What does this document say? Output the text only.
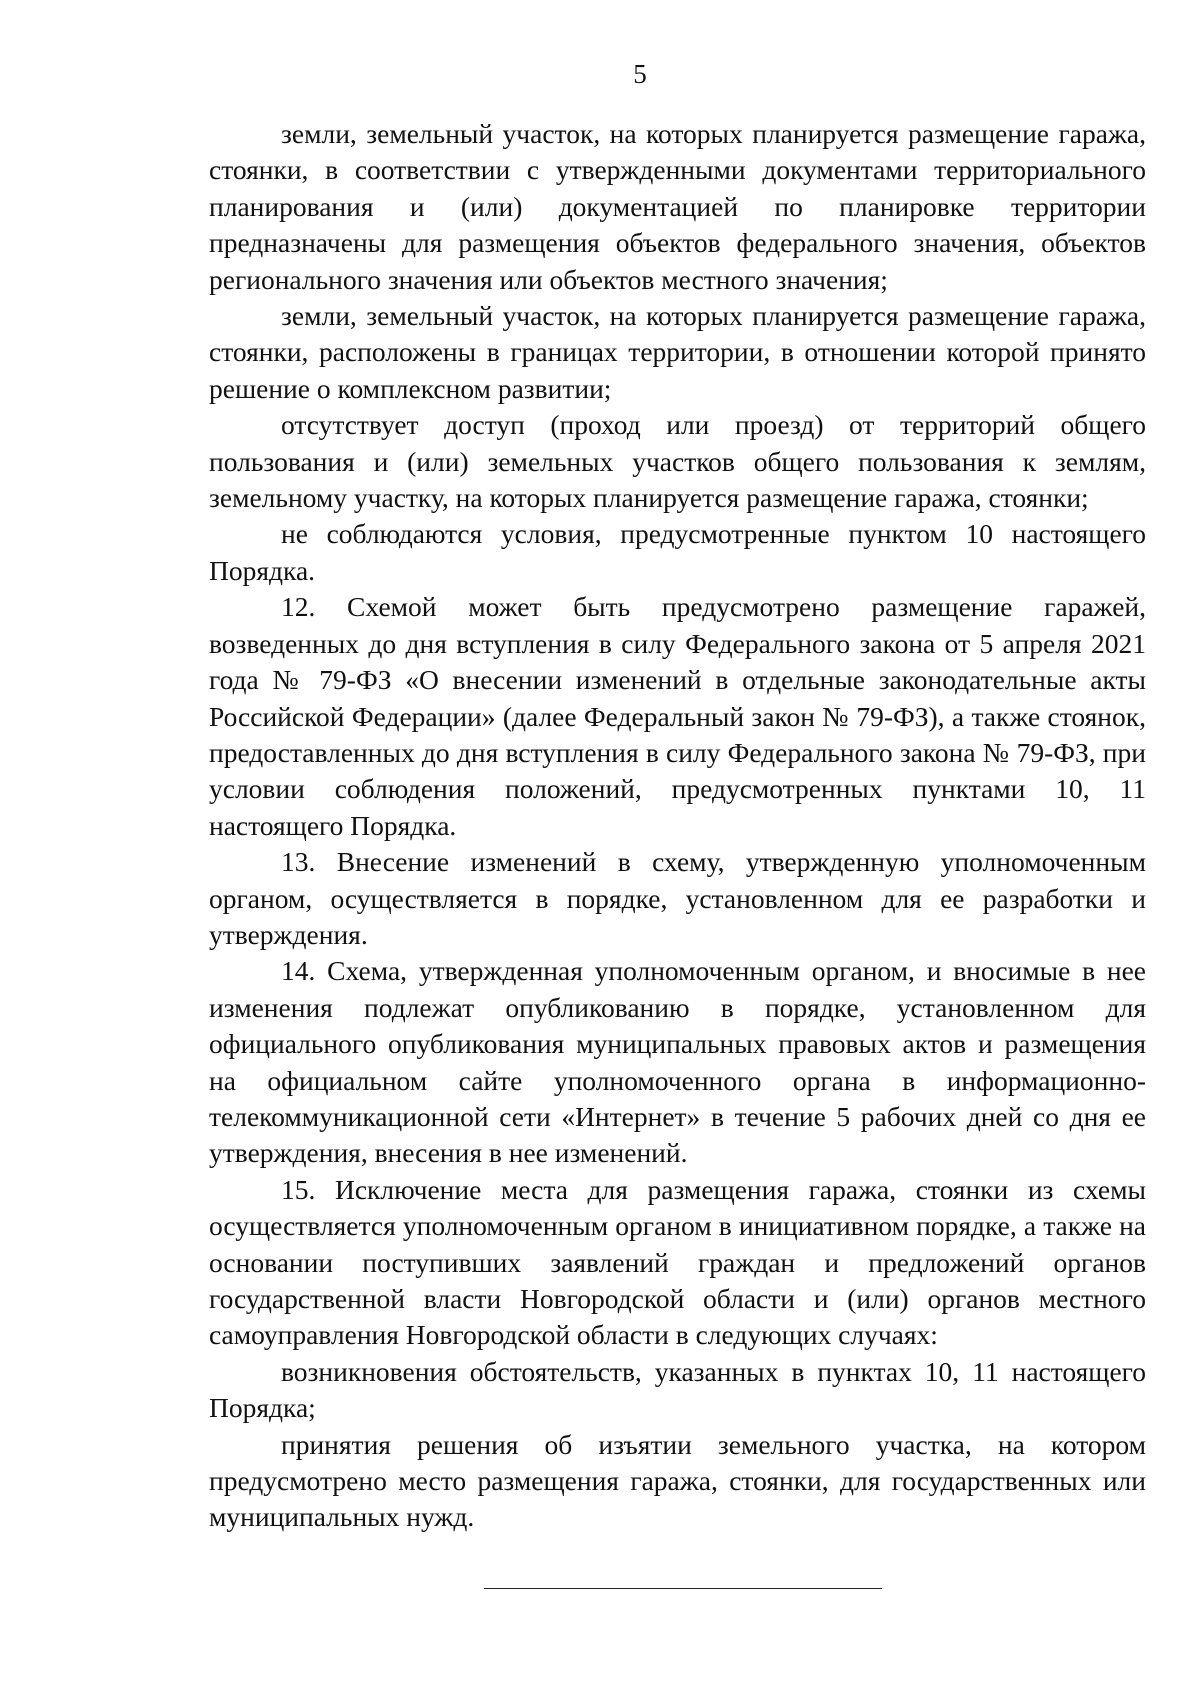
5

земли, земельный участок, на которых планируется размещение гаража, стоянки, в соответствии с утвержденными документами территориального планирования и (или) документацией по планировке территории предназначены для размещения объектов федерального значения, объектов регионального значения или объектов местного значения;

земли, земельный участок, на которых планируется размещение гаража, стоянки, расположены в границах территории, в отношении которой принято решение о комплексном развитии;

отсутствует доступ (проход или проезд) от территорий общего пользования и (или) земельных участков общего пользования к землям, земельному участку, на которых планируется размещение гаража, стоянки;

не соблюдаются условия, предусмотренные пунктом 10 настоящего Порядка.

12. Схемой может быть предусмотрено размещение гаражей, возведенных до дня вступления в силу Федерального закона от 5 апреля 2021 года № 79-ФЗ «О внесении изменений в отдельные законодательные акты Российской Федерации» (далее Федеральный закон № 79-ФЗ), а также стоянок, предоставленных до дня вступления в силу Федерального закона № 79-ФЗ, при условии соблюдения положений, предусмотренных пунктами 10, 11 настоящего Порядка.

13. Внесение изменений в схему, утвержденную уполномоченным органом, осуществляется в порядке, установленном для ее разработки и утверждения.

14. Схема, утвержденная уполномоченным органом, и вносимые в нее изменения подлежат опубликованию в порядке, установленном для официального опубликования муниципальных правовых актов и размещения на официальном сайте уполномоченного органа в информационно-телекоммуникационной сети «Интернет» в течение 5 рабочих дней со дня ее утверждения, внесения в нее изменений.

15. Исключение места для размещения гаража, стоянки из схемы осуществляется уполномоченным органом в инициативном порядке, а также на основании поступивших заявлений граждан и предложений органов государственной власти Новгородской области и (или) органов местного самоуправления Новгородской области в следующих случаях:

возникновения обстоятельств, указанных в пунктах 10, 11 настоящего Порядка;

принятия решения об изъятии земельного участка, на котором предусмотрено место размещения гаража, стоянки, для государственных или муниципальных нужд.
